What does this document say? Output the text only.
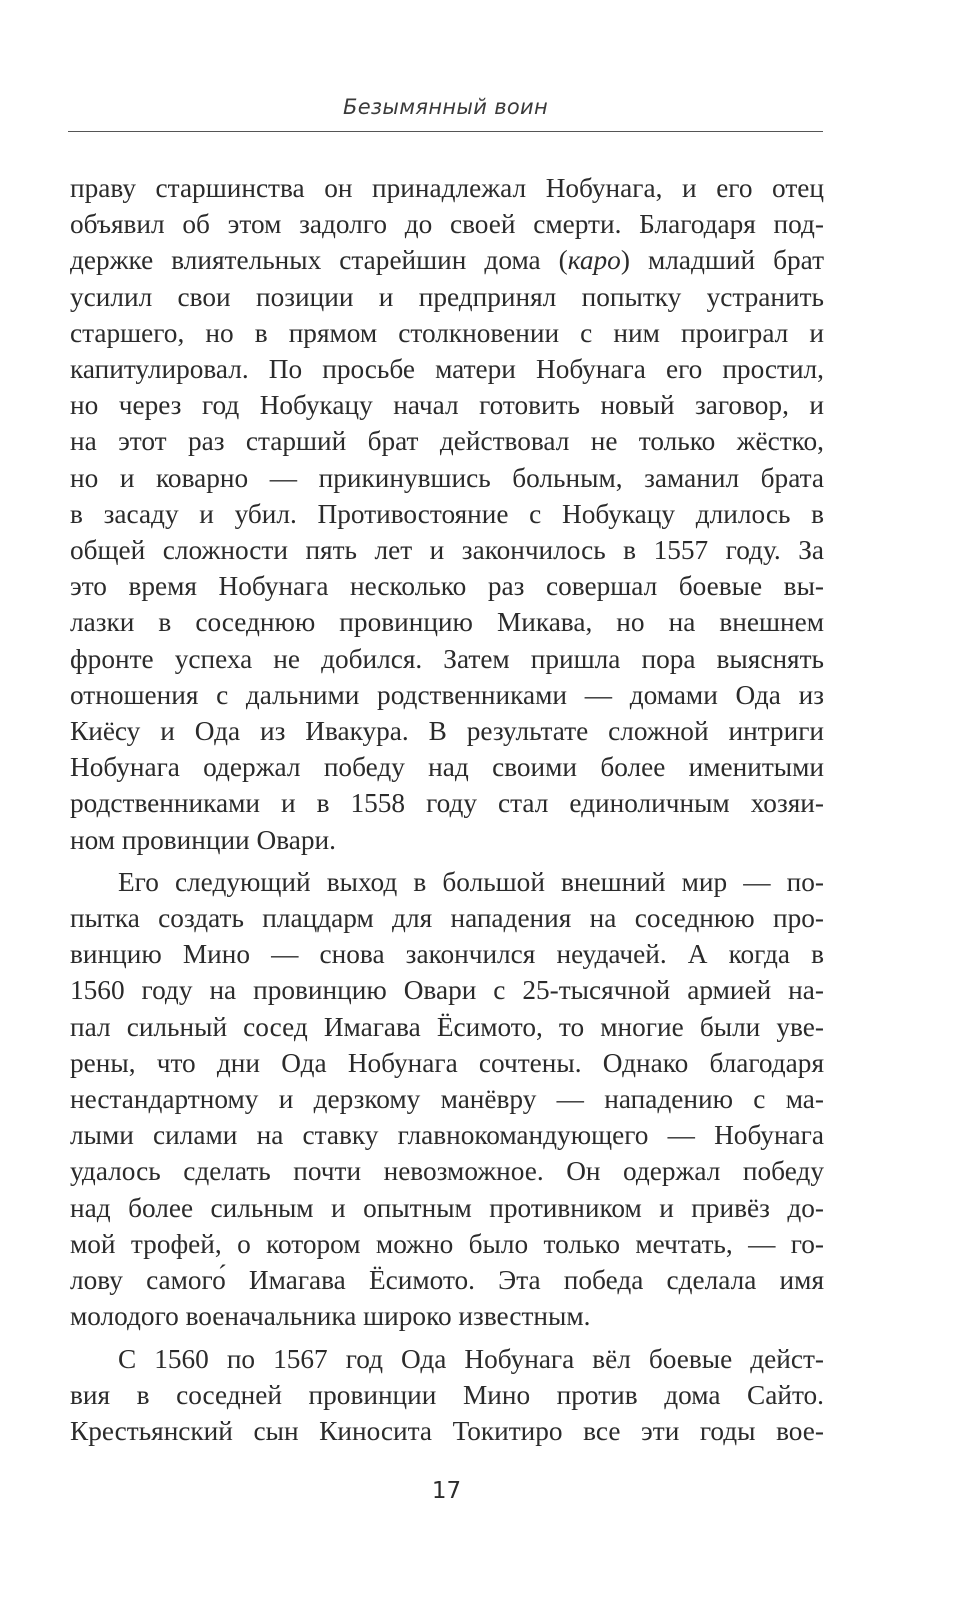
Безымянный воин
праву старшинства он принадлежал Нобунага, и его отец
объявил об этом задолго до своей смерти. Благодаря под-
держке влиятельных старейшин дома (каро) младший брат
усилил свои позиции и предпринял попытку устранить
старшего, но в прямом столкновении с ним проиграл и
капитулировал. По просьбе матери Нобунага его простил,
но через год Нобукацу начал готовить новый заговор, и
на этот раз старший брат действовал не только жёстко,
но и коварно — прикинувшись больным, заманил брата
в засаду и убил. Противостояние с Нобукацу длилось в
общей сложности пять лет и закончилось в 1557 году. За
это время Нобунага несколько раз совершал боевые вы-
лазки в соседнюю провинцию Микава, но на внешнем
фронте успеха не добился. Затем пришла пора выяснять
отношения с дальними родственниками — домами Ода из
Киёсу и Ода из Ивакура. В результате сложной интриги
Нобунага одержал победу над своими более именитыми
родственниками и в 1558 году стал единоличным хозяи-
ном провинции Овари.
Его следующий выход в большой внешний мир — по-
пытка создать плацдарм для нападения на соседнюю про-
винцию Мино — снова закончился неудачей. А когда в
1560 году на провинцию Овари с 25-тысячной армией на-
пал сильный сосед Имагава Ёсимото, то многие были уве-
рены, что дни Ода Нобунага сочтены. Однако благодаря
нестандартному и дерзкому манёвру — нападению с ма-
лыми силами на ставку главнокомандующего — Нобунага
удалось сделать почти невозможное. Он одержал победу
над более сильным и опытным противником и привёз до-
мой трофей, о котором можно было только мечтать, — го-
лову самого́ Имагава Ёсимото. Эта победа сделала имя
молодого военачальника широко известным.
С 1560 по 1567 год Ода Нобунага вёл боевые дейст-
вия в соседней провинции Мино против дома Сайто.
Крестьянский сын Киносита Токитиро все эти годы вое-
17
